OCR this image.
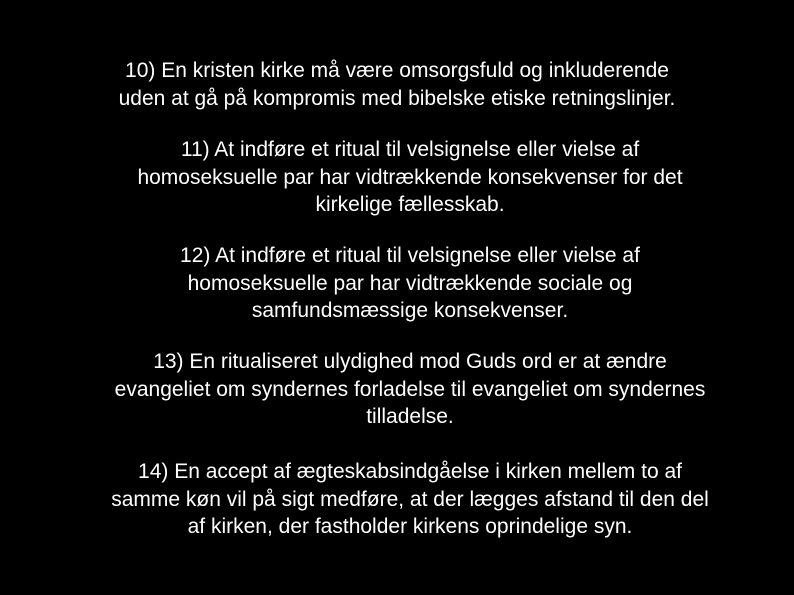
10) En kristen kirke må være omsorgsfuld og inkluderende
uden at gå på kompromis med bibelske etiske retningslinjer.

11) At indføre et ritual til velsignelse eller vielse af
homoseksuelle par har vidtrækkende konsekvenser for det
kirkelige fællesskab.

12) At indføre et ritual til velsignelse eller vielse af
homoseksuelle par har vidtrækkende sociale og
samfundsmæssige konsekvenser.

13) En ritualiseret ulydighed mod Guds ord er at ændre
evangeliet om syndernes forladelse til evangeliet om syndernes
tilladelse.

14) En accept af ægteskabsindgåelse i kirken mellem to af
samme køn vil på sigt medføre, at der lægges afstand til den del
af kirken, der fastholder kirkens oprindelige syn.
